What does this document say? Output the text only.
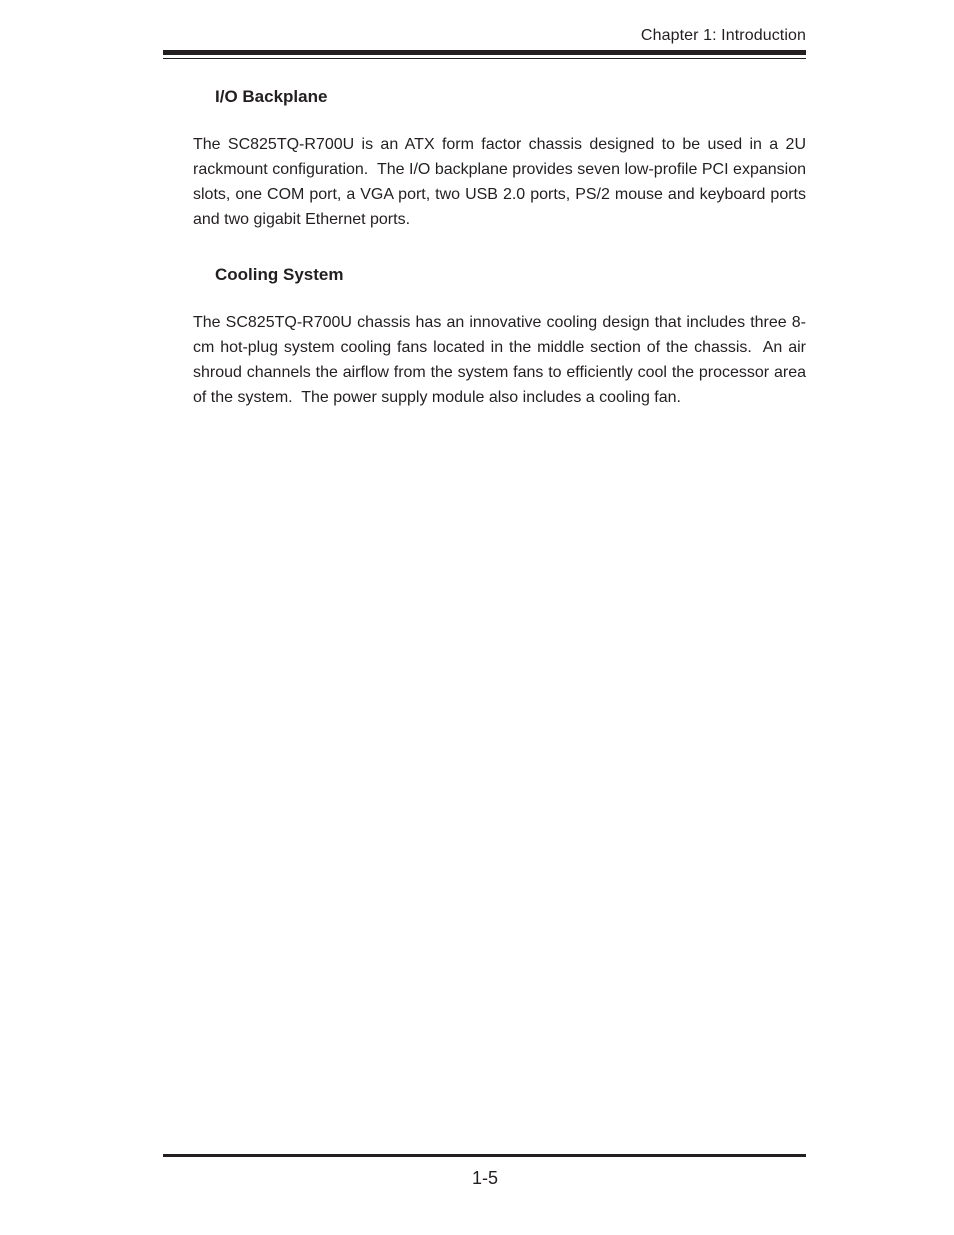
Chapter 1: Introduction
I/O Backplane

The SC825TQ-R700U is an ATX form factor chassis designed to be used in a 2U rackmount configuration.  The I/O backplane provides seven low-profile PCI expansion slots, one COM port, a VGA port, two USB 2.0 ports, PS/2 mouse and keyboard ports and two gigabit Ethernet ports.

Cooling System

The SC825TQ-R700U chassis has an innovative cooling design that includes three 8-cm hot-plug system cooling fans located in the middle section of the chassis.  An air shroud channels the airflow from the system fans to efficiently cool the processor area of the system.  The power supply module also includes a cooling fan.

1-5
